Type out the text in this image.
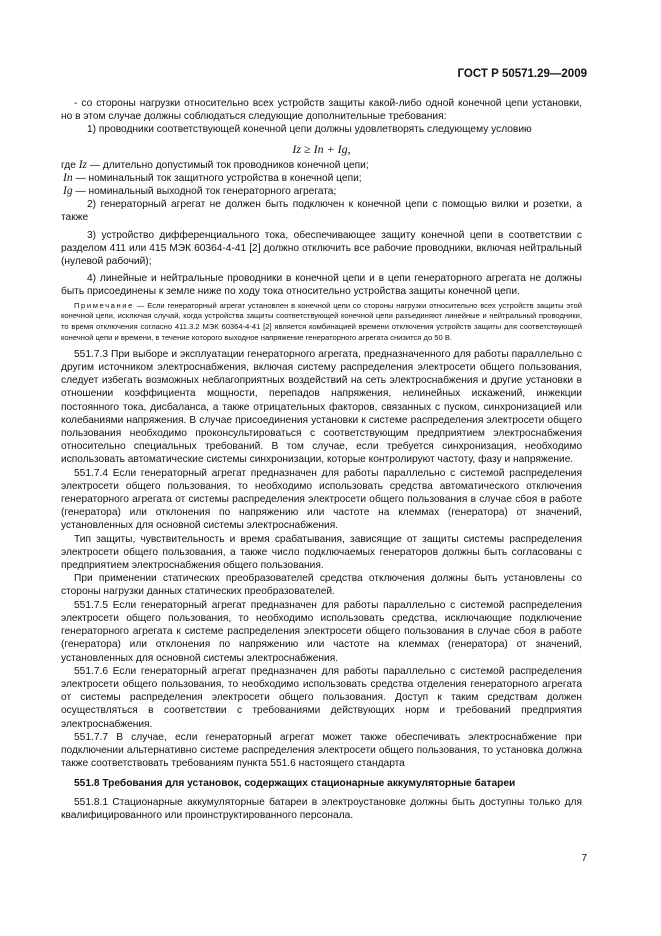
ГОСТ Р 50571.29—2009

- со стороны нагрузки относительно всех устройств защиты какой-либо одной конечной цепи установки, но в этом случае должны соблюдаться следующие дополнительные требования:

1) проводники соответствующей конечной цепи должны удовлетворять следующему условию

Iz ≥ In + Ig,

где Iz — длительно допустимый ток проводников конечной цепи;

In — номинальный ток защитного устройства в конечной цепи;

Ig — номинальный выходной ток генераторного агрегата;

2) генераторный агрегат не должен быть подключен к конечной цепи с помощью вилки и розетки, а также

3) устройство дифференциального тока, обеспечивающее защиту конечной цепи в соответствии с разделом 411 или 415 МЭК 60364-4-41 [2] должно отключить все рабочие проводники, включая нейтральный (нулевой рабочий);

4) линейные и нейтральные проводники в конечной цепи и в цепи генераторного агрегата не должны быть присоединены к земле ниже по ходу тока относительно устройства защиты конечной цепи.

Примечание — Если генераторный агрегат установлен в конечной цепи со стороны нагрузки относительно всех устройств защиты этой конечной цепи, исключая случай, когда устройства защиты соответствующей конечной цепи разъединяют линейные и нейтральный проводники, то время отключения согласно 411.3.2 МЭК 60364-4-41 [2] является комбинацией времени отключения устройств защиты для соответствующей конечной цепи и времени, в течение которого выходное напряжение генераторного агрегата снизится до 50 В.

551.7.3 При выборе и эксплуатации генераторного агрегата, предназначенного для работы параллельно с другим источником электроснабжения, включая систему распределения электросети общего пользования, следует избегать возможных неблагоприятных воздействий на сеть электроснабжения и другие установки в отношении коэффициента мощности, перепадов напряжения, нелинейных искажений, инжекции постоянного тока, дисбаланса, а также отрицательных факторов, связанных с пуском, синхронизацией или колебаниями напряжения. В случае присоединения установки к системе распределения электросети общего пользования необходимо проконсультироваться с соответствующим предприятием электроснабжения относительно специальных требований. В том случае, если требуется синхронизация, необходимо использовать автоматические системы синхронизации, которые контролируют частоту, фазу и напряжение.

551.7.4 Если генераторный агрегат предназначен для работы параллельно с системой распределения электросети общего пользования, то необходимо использовать средства автоматического отключения генераторного агрегата от системы распределения электросети общего пользования в случае сбоя в работе (генератора) или отклонения по напряжению или частоте на клеммах (генератора) от значений, установленных для основной системы электроснабжения.

Тип защиты, чувствительность и время срабатывания, зависящие от защиты системы распределения электросети общего пользования, а также число подключаемых генераторов должны быть согласованы с предприятием электроснабжения общего пользования.

При применении статических преобразователей средства отключения должны быть установлены со стороны нагрузки данных статических преобразователей.

551.7.5 Если генераторный агрегат предназначен для работы параллельно с системой распределения электросети общего пользования, то необходимо использовать средства, исключающие подключение генераторного агрегата к системе распределения электросети общего пользования в случае сбоя в работе (генератора) или отклонения по напряжению или частоте на клеммах (генератора) от значений, установленных для основной системы электроснабжения.

551.7.6 Если генераторный агрегат предназначен для работы параллельно с системой распределения электросети общего пользования, то необходимо использовать средства отделения генераторного агрегата от системы распределения электросети общего пользования. Доступ к таким средствам должен осуществляться в соответствии с требованиями действующих норм и требований предприятия электроснабжения.

551.7.7 В случае, если генераторный агрегат может также обеспечивать электроснабжение при подключении альтернативно системе распределения электросети общего пользования, то установка должна также соответствовать требованиям пункта 551.6 настоящего стандарта

551.8 Требования для установок, содержащих стационарные аккумуляторные батареи

551.8.1 Стационарные аккумуляторные батареи в электроустановке должны быть доступны только для квалифицированного или проинструктированного персонала.

7
